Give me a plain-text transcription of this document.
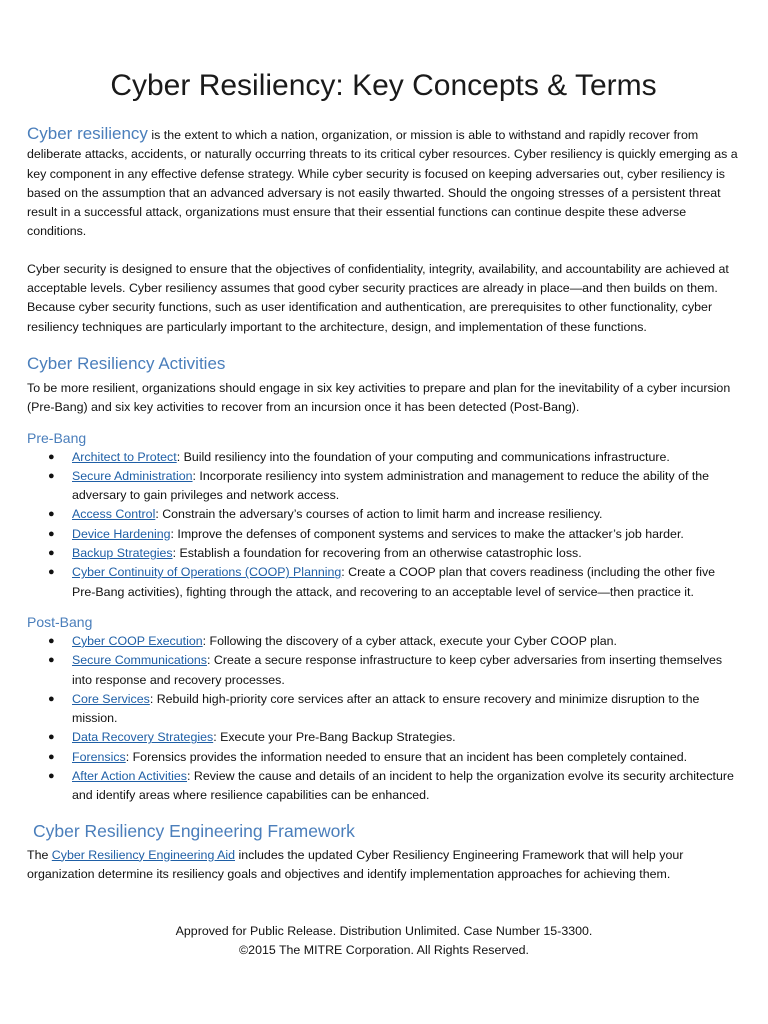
Cyber Resiliency: Key Concepts & Terms

Cyber resiliency is the extent to which a nation, organization, or mission is able to withstand and rapidly recover from deliberate attacks, accidents, or naturally occurring threats to its critical cyber resources. Cyber resiliency is quickly emerging as a key component in any effective defense strategy. While cyber security is focused on keeping adversaries out, cyber resiliency is based on the assumption that an advanced adversary is not easily thwarted. Should the ongoing stresses of a persistent threat result in a successful attack, organizations must ensure that their essential functions can continue despite these adverse conditions.

Cyber security is designed to ensure that the objectives of confidentiality, integrity, availability, and accountability are achieved at acceptable levels. Cyber resiliency assumes that good cyber security practices are already in place—and then builds on them. Because cyber security functions, such as user identification and authentication, are prerequisites to other functionality, cyber resiliency techniques are particularly important to the architecture, design, and implementation of these functions.

Cyber Resiliency Activities

To be more resilient, organizations should engage in six key activities to prepare and plan for the inevitability of a cyber incursion (Pre-Bang) and six key activities to recover from an incursion once it has been detected (Post-Bang).

Pre-Bang
● Architect to Protect: Build resiliency into the foundation of your computing and communications infrastructure.
● Secure Administration: Incorporate resiliency into system administration and management to reduce the ability of the adversary to gain privileges and network access.
● Access Control: Constrain the adversary’s courses of action to limit harm and increase resiliency.
● Device Hardening: Improve the defenses of component systems and services to make the attacker’s job harder.
● Backup Strategies: Establish a foundation for recovering from an otherwise catastrophic loss.
● Cyber Continuity of Operations (COOP) Planning: Create a COOP plan that covers readiness (including the other five Pre-Bang activities), fighting through the attack, and recovering to an acceptable level of service—then practice it.
Post-Bang
● Cyber COOP Execution: Following the discovery of a cyber attack, execute your Cyber COOP plan.
● Secure Communications: Create a secure response infrastructure to keep cyber adversaries from inserting themselves into response and recovery processes.
● Core Services: Rebuild high-priority core services after an attack to ensure recovery and minimize disruption to the mission.
● Data Recovery Strategies: Execute your Pre-Bang Backup Strategies.
● Forensics: Forensics provides the information needed to ensure that an incident has been completely contained.
● After Action Activities: Review the cause and details of an incident to help the organization evolve its security architecture and identify areas where resilience capabilities can be enhanced.
Cyber Resiliency Engineering Framework

The Cyber Resiliency Engineering Aid includes the updated Cyber Resiliency Engineering Framework that will help your organization determine its resiliency goals and objectives and identify implementation approaches for achieving them.

Approved for Public Release. Distribution Unlimited. Case Number 15-3300.
©2015 The MITRE Corporation. All Rights Reserved.
